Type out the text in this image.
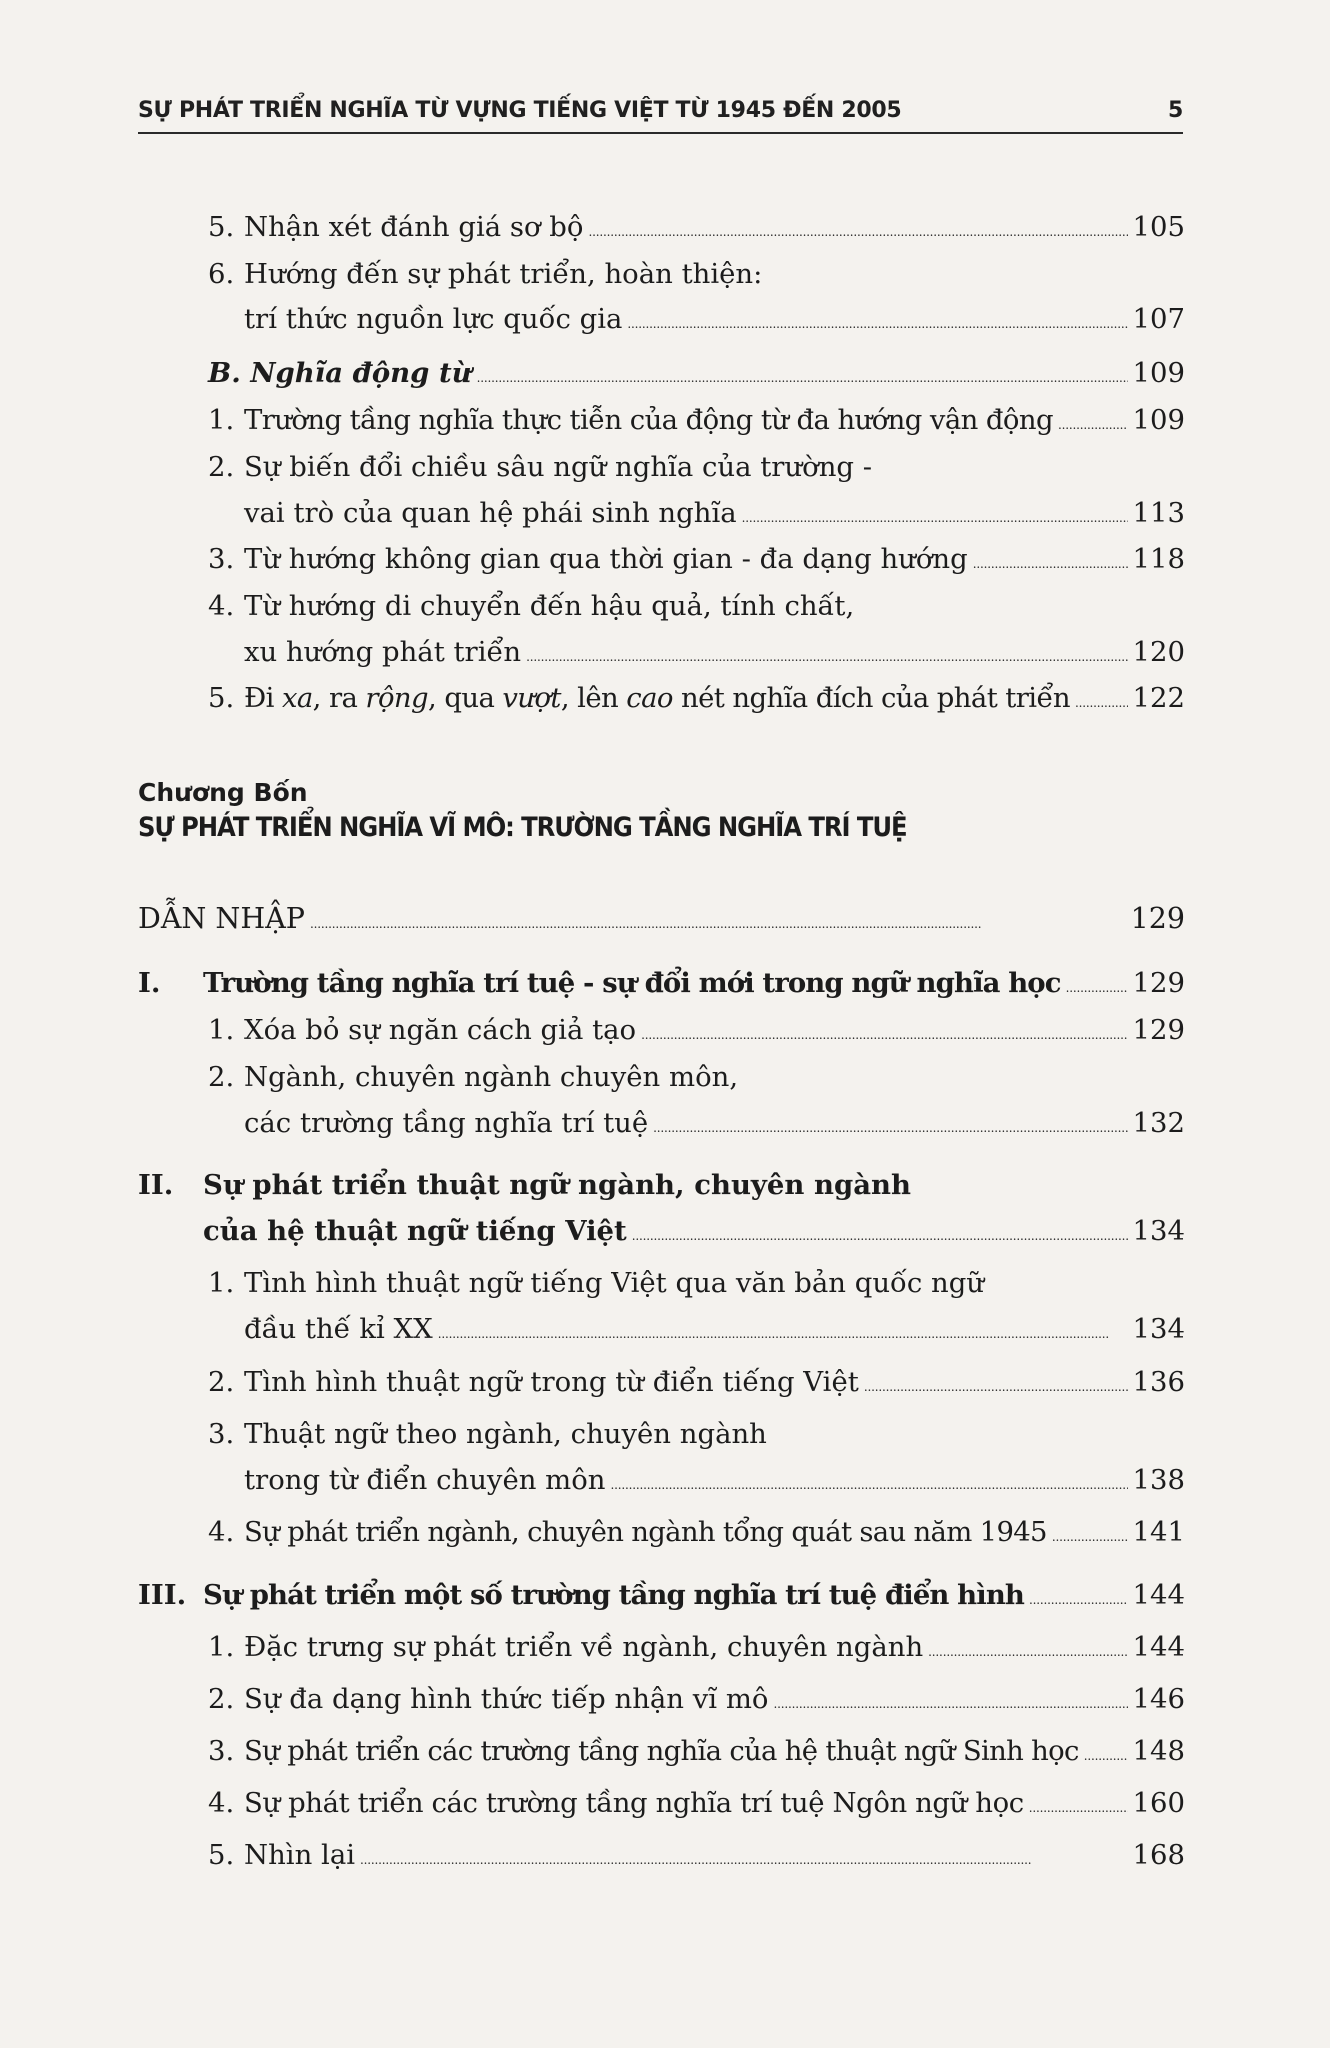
SỰ PHÁT TRIỂN NGHĨA TỪ VỰNG TIẾNG VIỆT TỪ 1945 ĐẾN 2005	5
5. Nhận xét đánh giá sơ bộ . . .	105
6. Hướng đến sự phát triển, hoàn thiện:
trí thức nguồn lực quốc gia . . .	107
B. Nghĩa động từ . . .	109
1. Trường tầng nghĩa thực tiễn của động từ đa hướng vận động . . .	109
2. Sự biến đổi chiều sâu ngữ nghĩa của trường -
vai trò của quan hệ phái sinh nghĩa . . .	113
3. Từ hướng không gian qua thời gian - đa dạng hướng . . .	118
4. Từ hướng di chuyển đến hậu quả, tính chất,
xu hướng phát triển . . .	120
5. Đi xa, ra rộng, qua vượt, lên cao nét nghĩa đích của phát triển . . . 122
Chương Bốn
SỰ PHÁT TRIỂN NGHĨA VĨ MÔ: TRƯỜNG TẦNG NGHĨA TRÍ TUỆ
DẪN NHẬP . . .	129
I.	Trường tầng nghĩa trí tuệ - sự đổi mới trong ngữ nghĩa học . . .	129
1. Xóa bỏ sự ngăn cách giả tạo . . .	129
2. Ngành, chuyên ngành chuyên môn,
các trường tầng nghĩa trí tuệ . . .	132
II. Sự phát triển thuật ngữ ngành, chuyên ngành
của hệ thuật ngữ tiếng Việt . . .	134
1. Tình hình thuật ngữ tiếng Việt qua văn bản quốc ngữ
đầu thế kỉ XX . . .	134
2. Tình hình thuật ngữ trong từ điển tiếng Việt . . .	136
3. Thuật ngữ theo ngành, chuyên ngành
trong từ điển chuyên môn . . .	138
4. Sự phát triển ngành, chuyên ngành tổng quát sau năm 1945 . . .	141
III. Sự phát triển một số trường tầng nghĩa trí tuệ điển hình . . .	144
1. Đặc trưng sự phát triển về ngành, chuyên ngành . . .	144
2. Sự đa dạng hình thức tiếp nhận vĩ mô . . .	146
3. Sự phát triển các trường tầng nghĩa của hệ thuật ngữ Sinh học . . . 148
4. Sự phát triển các trường tầng nghĩa trí tuệ Ngôn ngữ học . . .	160
5. Nhìn lại . . .	168
